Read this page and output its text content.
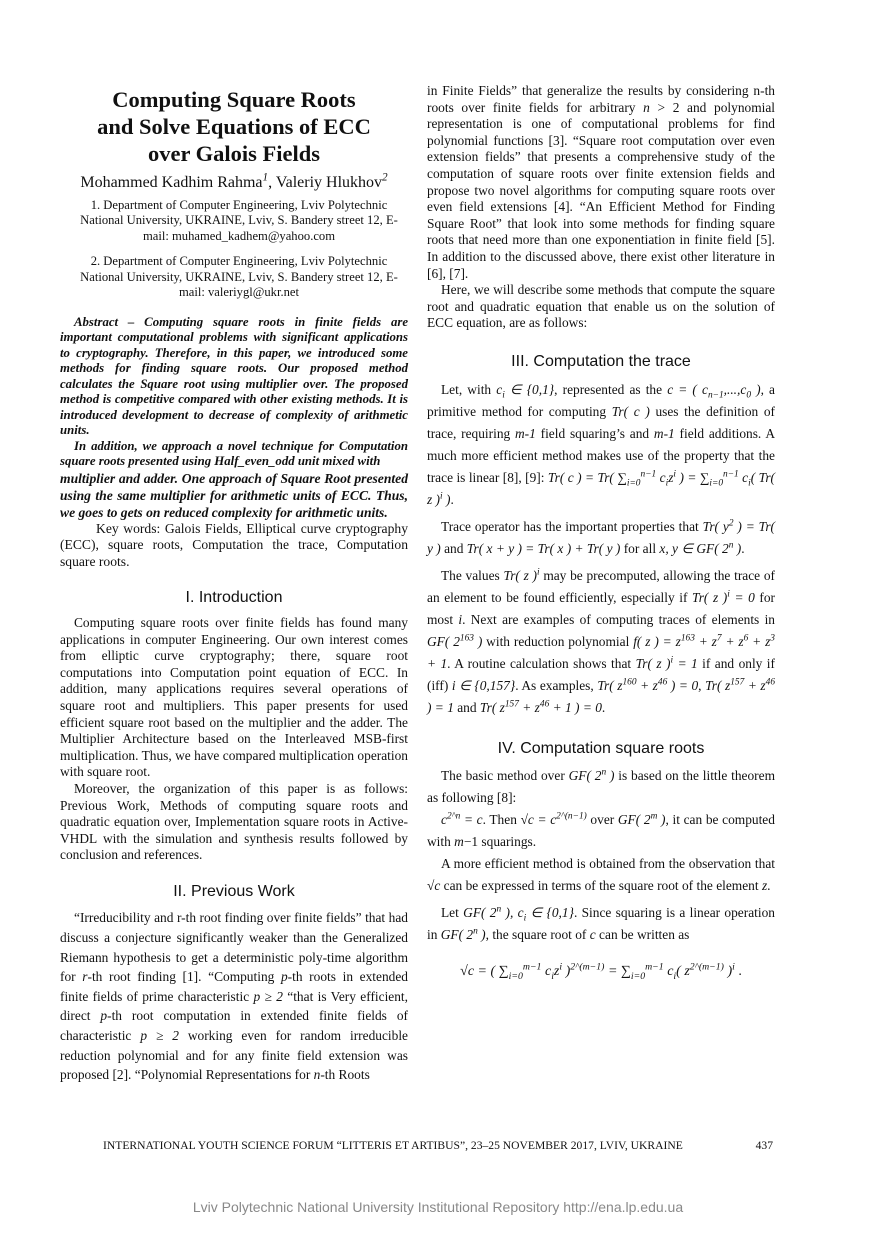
Computing Square Roots
and Solve Equations of ECC
over Galois Fields
Mohammed Kadhim Rahma$^1$, Valeriy Hlukhov$^2$
1. Department of Computer Engineering, Lviv Polytechnic National University, UKRAINE, Lviv, S. Bandery street 12, E-mail: muhamed_kadhem@yahoo.com
2. Department of Computer Engineering, Lviv Polytechnic National University, UKRAINE, Lviv, S. Bandery street 12, E-mail: valeriygl@ukr.net

Abstract – Computing square roots in finite fields are important computational problems with significant applications to cryptography. Therefore, in this paper, we introduced some methods for finding square roots. Our proposed method calculates the Square root using multiplier over. The proposed method is competitive compared with other existing methods. It is introduced development to decrease of complexity of arithmetic units.

In addition, we approach a novel technique for Computation square roots presented using Half_even_odd unit mixed with

multiplier and adder. One approach of Square Root presented using the same multiplier for arithmetic units of ECC. Thus, we goes to gets on reduced complexity for arithmetic units.

Key words: Galois Fields, Elliptical curve cryptography (ECC), square roots, Computation the trace, Computation square roots.

I. Introduction

Computing square roots over finite fields has found many applications in computer Engineering. Our own interest comes from elliptic curve cryptography; there, square root computations into Computation point equation of ECC. In addition, many applications requires several operations of square root and multipliers. This paper presents for used efficient square root based on the multiplier and the adder. The Multiplier Architecture based on the Interleaved MSB-first multiplication. Thus, we have compared multiplication operation with square root.

Moreover, the organization of this paper is as follows: Previous Work, Methods of computing square roots and quadratic equation over, Implementation square roots in Active-VHDL with the simulation and synthesis results followed by conclusion and references.

II. Previous Work

“Irreducibility and r-th root finding over finite fields” that had discuss a conjecture significantly weaker than the Generalized Riemann hypothesis to get a deterministic poly-time algorithm for r-th root finding [1]. “Computing p-th roots in extended finite fields of prime characteristic p ≥ 2 “that is Very efficient, direct p-th root computation in extended finite fields of characteristic p ≥ 2 working even for random irreducible reduction polynomial and for any finite field extension was proposed [2]. “Polynomial Representations for n-th Roots

in Finite Fields” that generalize the results by considering n-th roots over finite fields for arbitrary n > 2 and polynomial representation is one of computational problems for find polynomial functions [3]. “Square root computation over even extension fields” that presents a comprehensive study of the computation of square roots over finite extension fields and propose two novel algorithms for computing square roots over even field extensions [4]. “An Efficient Method for Finding Square Root” that look into some methods for finding square roots that need more than one exponentiation in finite field [5]. In addition to the discussed above, there exist other literature in [6], [7].

Here, we will describe some methods that compute the square root and quadratic equation that enable us on the solution of ECC equation, are as follows:

III. Computation the trace

Let, with $c_i$ ∈ {0,1}, represented as the c = ( $c_{n-1},...,c_0$ ), a primitive method for computing Tr( c ) uses the definition of trace, requiring m-1 field squaring’s and m-1 field additions. A much more efficient method makes use of the property that the trace is linear [8], [9]: Tr( c ) = Tr( $\sum_{i=0}^{n-1}$ $c_iz^i$ ) = $\sum_{i=0}^{n-1}$ $c_i$( Tr( z )$^i$ ).

Trace operator has the important properties that Tr( $y^2$ ) = Tr( y ) and Tr( x + y ) = Tr( x ) + Tr( y ) for all x, y ∈ GF( 2$^n$ ).

The values Tr( z )$^i$ may be precomputed, allowing the trace of an element to be found efficiently, especially if Tr( z )$^i$ = 0 for most i. Next are examples of computing traces of elements in GF( $2^{163}$ ) with reduction polynomial f( z ) = $z^{163} + z^7 + z^6 + z^3 + 1$. A routine calculation shows that Tr( z )$^i$ = 1 if and only if (iff) i ∈ {0,157}. As examples, Tr( $z^{160} + z^{46}$ ) = 0, Tr( $z^{157} + z^{46}$ ) = 1 and Tr( $z^{157} + z^{46} + 1$ ) = 0.

IV. Computation square roots

The basic method over GF( 2$^n$ ) is based on the little theorem as following [8]:

$c^{2\^{}n} = c$. Then $√c = c^{2\^{}(n-1)}$ over GF( 2$^m$ ), it can be computed with m−1 squarings.

A more efficient method is obtained from the observation that √c can be expressed in terms of the square root of the element z.

Let GF( 2$^n$ ), $c_i$ ∈ {0,1}. Since squaring is a linear operation in GF( 2$^n$ ), the square root of c can be written as

√c = ( $\sum_{i=0}^{m-1}$ $c_iz^i$ )$^{2\^{}(m-1)} = \sum_{i=0}^{m-1}$ $c_i$( $z^{2\^{}(m-1)}$ )$^i$ .

INTERNATIONAL YOUTH SCIENCE FORUM “LITTERIS ET ARTIBUS”, 23–25 NOVEMBER 2017, LVIV, UKRAINE	437
Lviv Polytechnic National University Institutional Repository http://ena.lp.edu.ua
